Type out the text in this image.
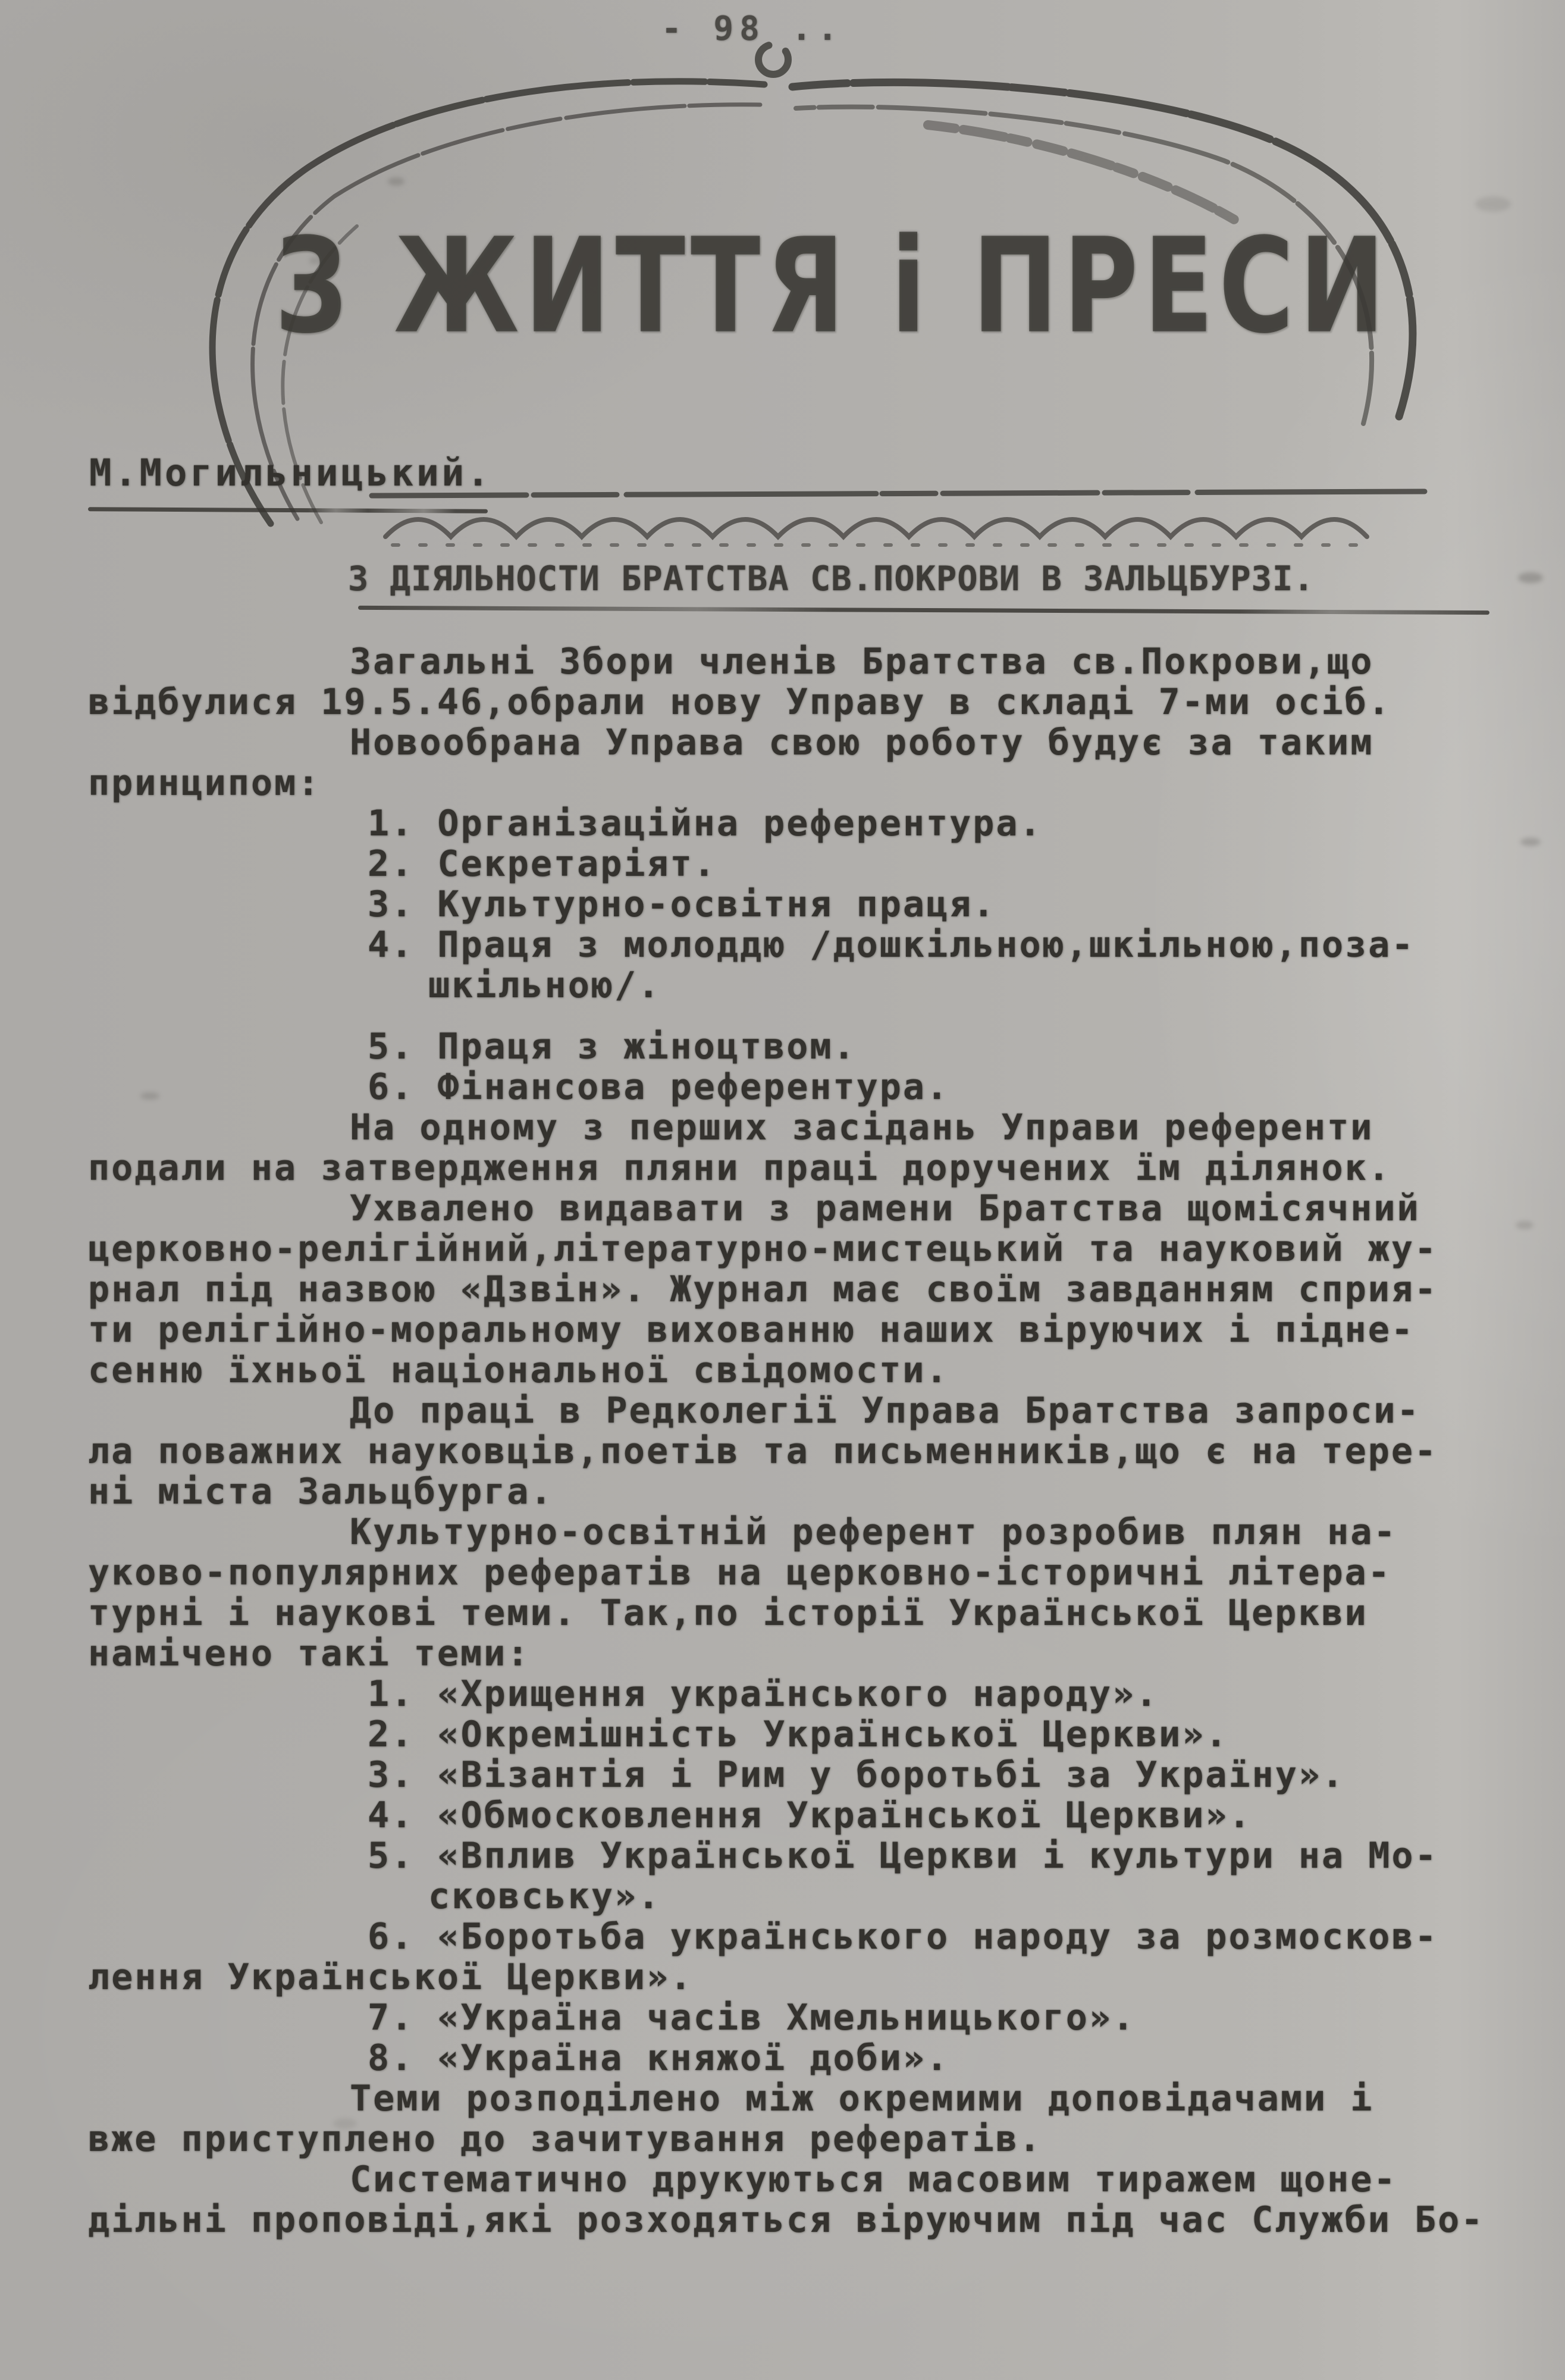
- 98 ..
З ЖИТТЯ і ПРЕСИ
М.Могильницький.
З ДІЯЛЬНОСТИ БРАТСТВА СВ.ПОКРОВИ В ЗАЛЬЦБУРЗІ.
Загальні Збори членів Братства св.Покрови,що
відбулися 19.5.46,обрали нову Управу в складі 7-ми осіб.
Новообрана Управа свою роботу будує за таким
принципом:
1. Організаційна референтура.
2. Секретаріят.
3. Культурно-освітня праця.
4. Праця з молоддю /дошкільною,шкільною,поза-
шкільною/.
5. Праця з жіноцтвом.
6. Фінансова референтура.
На одному з перших засідань Управи референти
подали на затвердження пляни праці доручених їм ділянок.
Ухвалено видавати з рамени Братства щомісячний
церковно-релігійний,літературно-мистецький та науковий жу-
рнал під назвою «Дзвін». Журнал має своїм завданням сприя-
ти релігійно-моральному вихованню наших віруючих і підне-
сенню їхньої національної свідомости.
До праці в Редколегії Управа Братства запроси-
ла поважних науковців,поетів та письменників,що є на тере-
ні міста Зальцбурга.
Культурно-освітній референт розробив плян на-
уково-популярних рефератів на церковно-історичні літера-
турні і наукові теми. Так,по історії Української Церкви
намічено такі теми:
1. «Хрищення українського народу».
2. «Окремішність Української Церкви».
3. «Візантія і Рим у боротьбі за Україну».
4. «Обмосковлення Української Церкви».
5. «Вплив Української Церкви і культури на Мо-
сковську».
6. «Боротьба українського народу за розмосков-
лення Української Церкви».
7. «Україна часів Хмельницького».
8. «Україна княжої доби».
Теми розподілено між окремими доповідачами і
вже приступлено до зачитування рефератів.
Систематично друкуються масовим тиражем щоне-
дільні проповіді,які розходяться віруючим під час Служби Бо-
